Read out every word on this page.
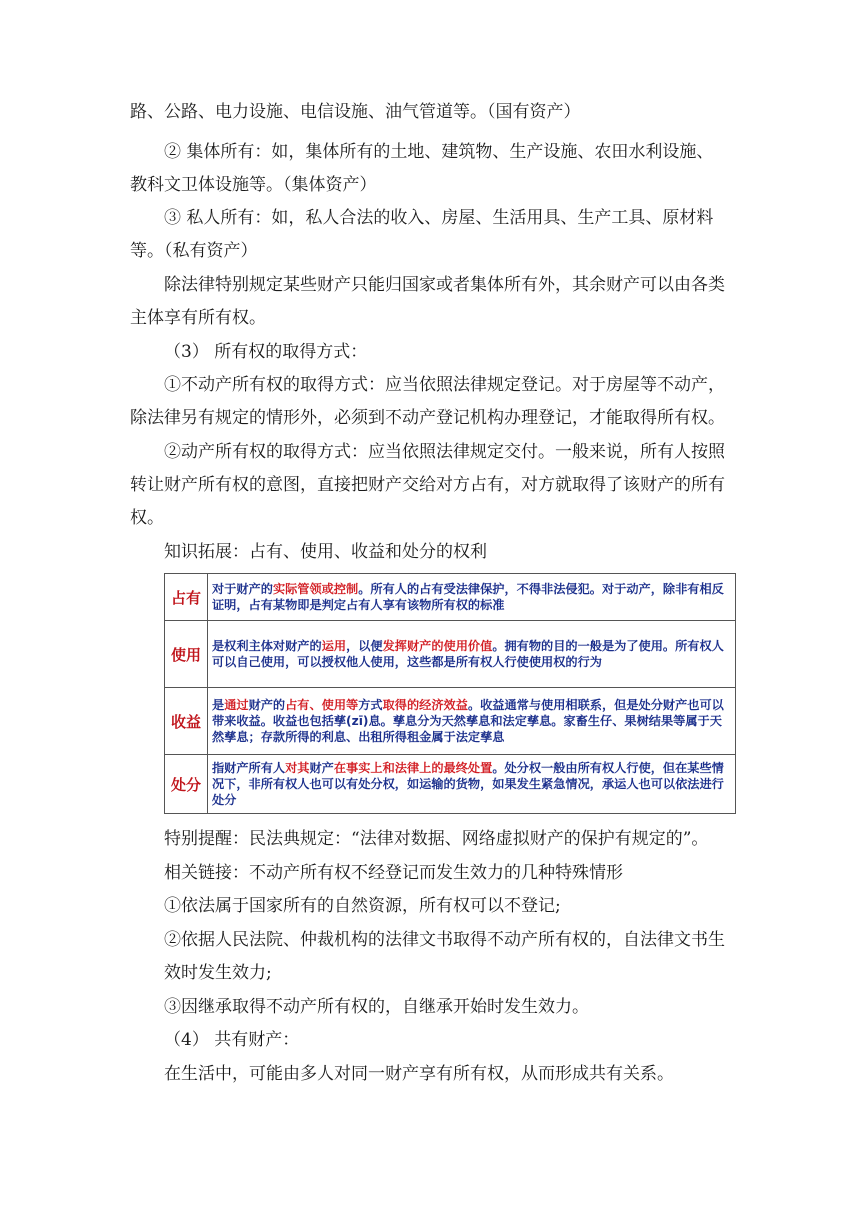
路、公路、电力设施、电信设施、油气管道等。（国有资产）
② 集体所有：如，集体所有的土地、建筑物、生产设施、农田水利设施、
教科文卫体设施等。（集体资产）
③ 私人所有：如，私人合法的收入、房屋、生活用具、生产工具、原材料
等。（私有资产）
除法律特别规定某些财产只能归国家或者集体所有外，其余财产可以由各类
主体享有所有权。
（3） 所有权的取得方式：
①不动产所有权的取得方式：应当依照法律规定登记。对于房屋等不动产，
除法律另有规定的情形外，必须到不动产登记机构办理登记，才能取得所有权。
②动产所有权的取得方式：应当依照法律规定交付。一般来说，所有人按照
转让财产所有权的意图，直接把财产交给对方占有，对方就取得了该财产的所有
权。
知识拓展：占有、使用、收益和处分的权利
占有	对于财产的实际管领或控制。所有人的占有受法律保护，不得非法侵犯。对于动产，除非有相反证明，占有某物即是判定占有人享有该物所有权的标准
使用	是权利主体对财产的运用，以便发挥财产的使用价值。拥有物的目的一般是为了使用。所有权人可以自己使用，可以授权他人使用，这些都是所有权人行使使用权的行为
收益	是通过财产的占有、使用等方式取得的经济效益。收益通常与使用相联系，但是处分财产也可以带来收益。收益也包括孳(zī)息。孳息分为天然孳息和法定孳息。家畜生仔、果树结果等属于天然孳息；存款所得的利息、出租所得租金属于法定孳息
处分	指财产所有人对其财产在事实上和法律上的最终处置。处分权一般由所有权人行使，但在某些情况下，非所有权人也可以有处分权，如运输的货物，如果发生紧急情况，承运人也可以依法进行处分
特别提醒：民法典规定：“法律对数据、网络虚拟财产的保护有规定的”。
相关链接：不动产所有权不经登记而发生效力的几种特殊情形
①依法属于国家所有的自然资源，所有权可以不登记;
②依据人民法院、仲裁机构的法律文书取得不动产所有权的，自法律文书生
效时发生效力;
③因继承取得不动产所有权的，自继承开始时发生效力。
（4） 共有财产：
在生活中，可能由多人对同一财产享有所有权，从而形成共有关系。
